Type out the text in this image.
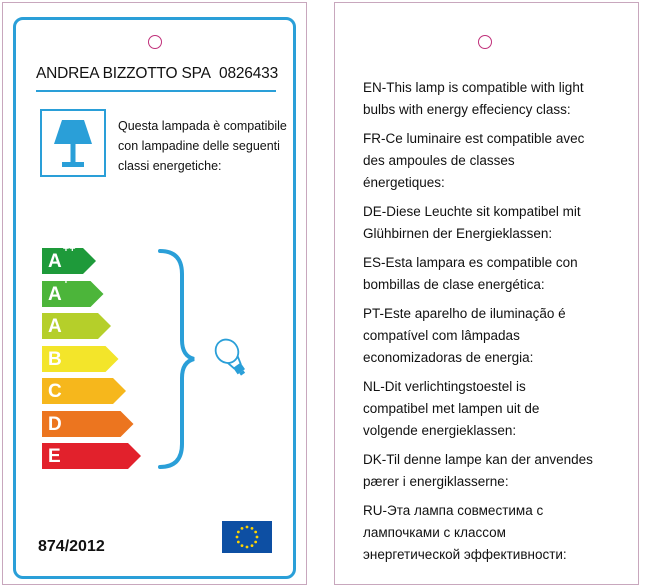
ANDREA BIZZOTTO SPA 0826433
Questa lampada è compatibile
con lampadine delle seguenti
classi energetiche:
A++
A+
A
B
C
D
E
874/2012
EN-This lamp is compatible with light
bulbs with energy effeciency class:
FR-Ce luminaire est compatible avec
des ampoules de classes
énergetiques:
DE-Diese Leuchte sit kompatibel mit
Glühbirnen der Energieklassen:
ES-Esta lampara es compatible con
bombillas de clase energética:
PT-Este aparelho de iluminação é
compatível com lâmpadas
economizadoras de energia:
NL-Dit verlichtingstoestel is
compatibel met lampen uit de
volgende energieklassen:
DK-Til denne lampe kan der anvendes
pærer i energiklasserne:
RU-Эта лампа совместима с
лампочками с классом
энергетической эффективности:
